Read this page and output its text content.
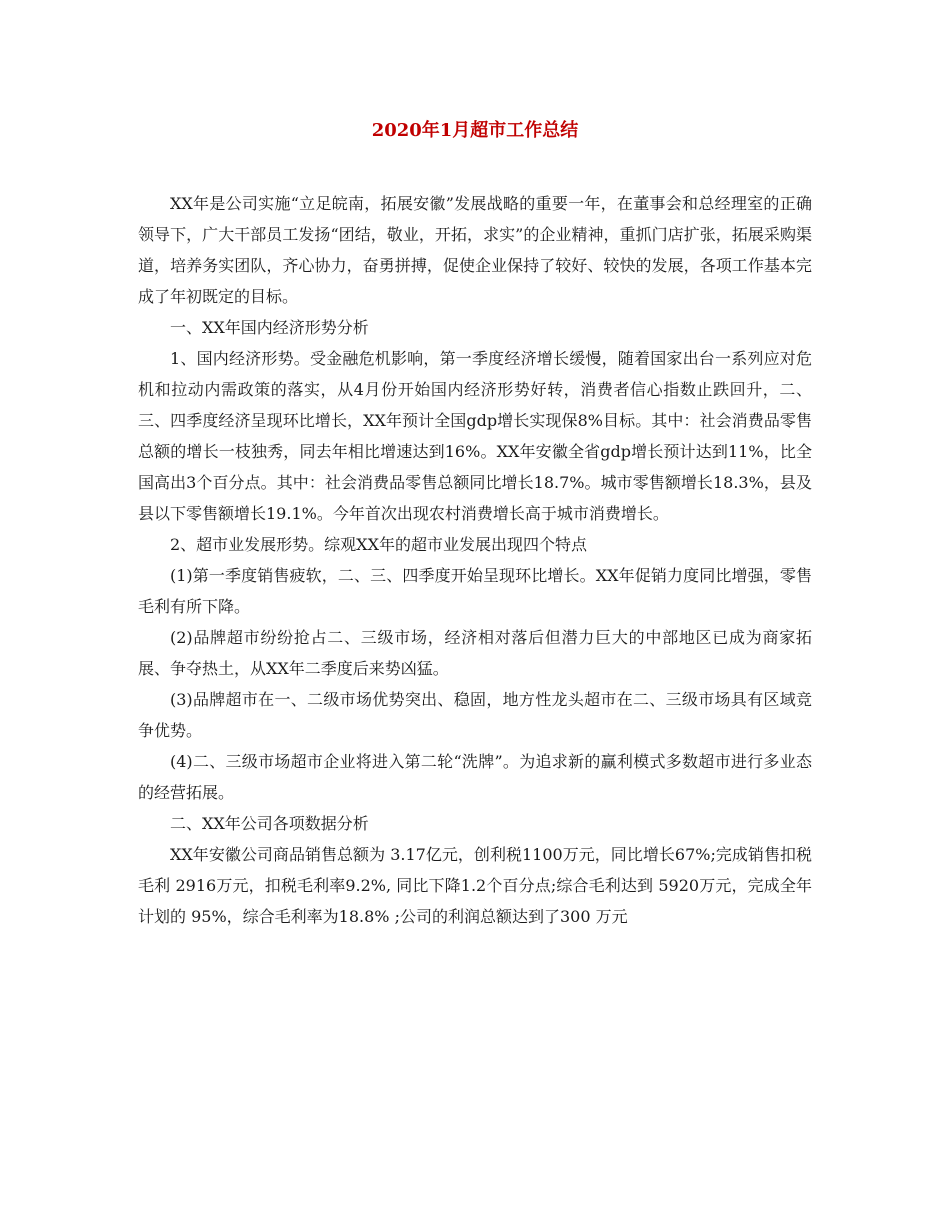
2020年1月超市工作总结

XX年是公司实施“立足皖南，拓展安徽”发展战略的重要一年，在董事会和总经理室的正确领导下，广大干部员工发扬“团结，敬业，开拓，求实”的企业精神，重抓门店扩张，拓展采购渠道，培养务实团队，齐心协力，奋勇拼搏，促使企业保持了较好、较快的发展，各项工作基本完成了年初既定的目标。

一、XX年国内经济形势分析

1、国内经济形势。受金融危机影响，第一季度经济增长缓慢，随着国家出台一系列应对危机和拉动内需政策的落实，从4月份开始国内经济形势好转，消费者信心指数止跌回升，二、三、四季度经济呈现环比增长，XX年预计全国gdp增长实现保8%目标。其中：社会消费品零售总额的增长一枝独秀，同去年相比增速达到16%。XX年安徽全省gdp增长预计达到11%，比全国高出3个百分点。其中：社会消费品零售总额同比增长18.7%。城市零售额增长18.3%，县及县以下零售额增长19.1%。今年首次出现农村消费增长高于城市消费增长。

2、超市业发展形势。综观XX年的超市业发展出现四个特点

(1)第一季度销售疲软，二、三、四季度开始呈现环比增长。XX年促销力度同比增强，零售毛利有所下降。

(2)品牌超市纷纷抢占二、三级市场，经济相对落后但潜力巨大的中部地区已成为商家拓展、争夺热土，从XX年二季度后来势凶猛。

(3)品牌超市在一、二级市场优势突出、稳固，地方性龙头超市在二、三级市场具有区域竞争优势。

(4)二、三级市场超市企业将进入第二轮“洗牌”。为追求新的赢利模式多数超市进行多业态的经营拓展。

二、XX年公司各项数据分析

XX年安徽公司商品销售总额为 3.17亿元，创利税1100万元，同比增长67%;完成销售扣税毛利 2916万元，扣税毛利率9.2%, 同比下降1.2个百分点;综合毛利达到 5920万元，完成全年计划的 95%，综合毛利率为18.8% ;公司的利润总额达到了300 万元
